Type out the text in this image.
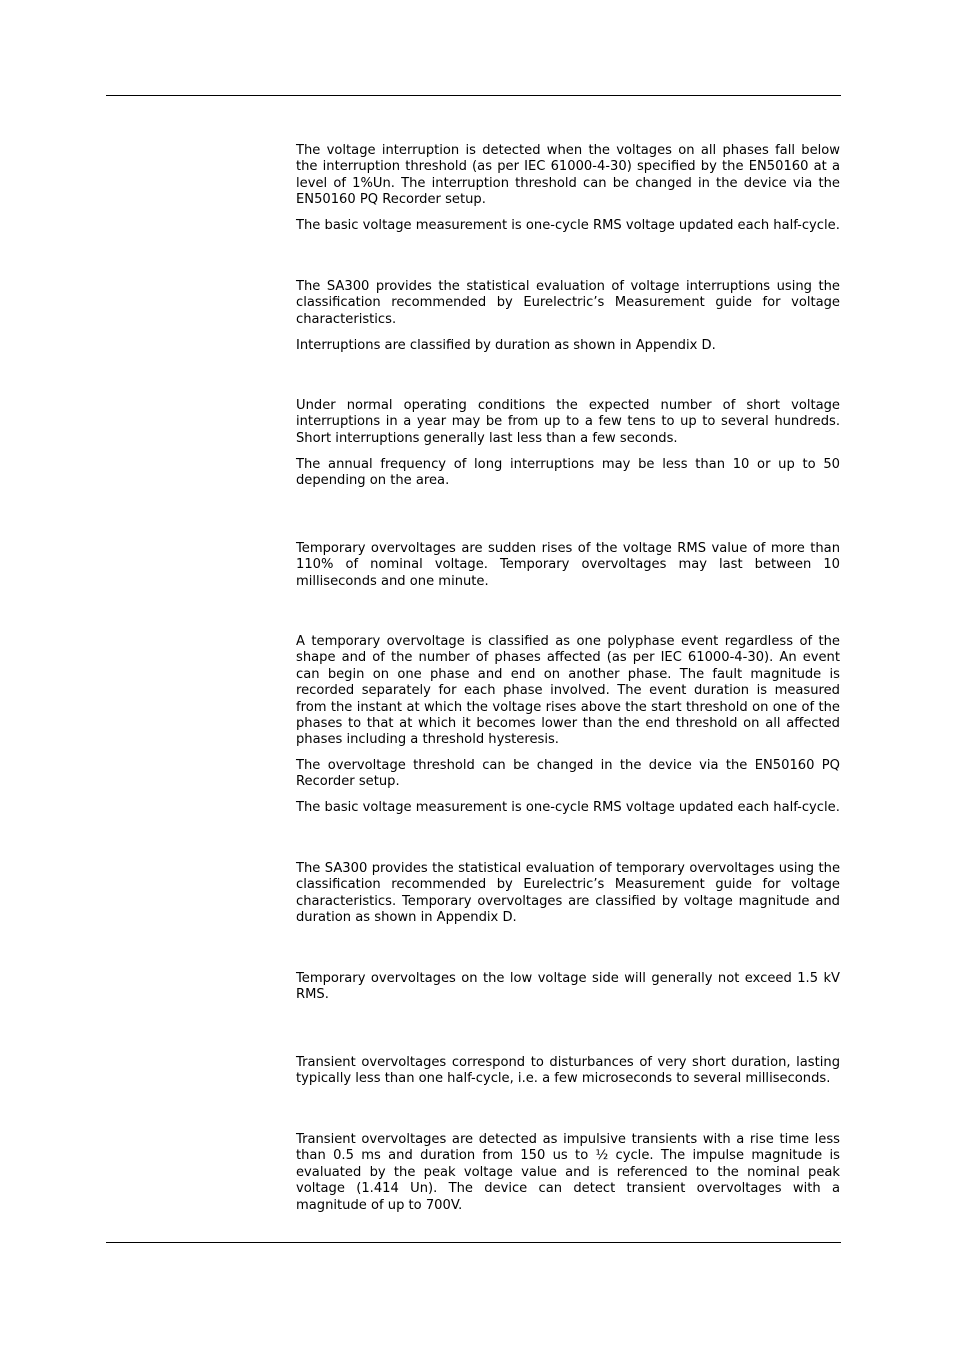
The voltage interruption is detected when the voltages on all phases fall below the interruption threshold (as per IEC 61000-4-30) specified by the EN50160 at a level of 1%Un. The interruption threshold can be changed in the device via the EN50160 PQ Recorder setup.

The basic voltage measurement is one-cycle RMS voltage updated each half-cycle.

The SA300 provides the statistical evaluation of voltage interruptions using the classification recommended by Eurelectric’s Measurement guide for voltage characteristics.

Interruptions are classified by duration as shown in Appendix D.

Under normal operating conditions the expected number of short voltage interruptions in a year may be from up to a few tens to up to several hundreds. Short interruptions generally last less than a few seconds.

The annual frequency of long interruptions may be less than 10 or up to 50 depending on the area.

Temporary overvoltages are sudden rises of the voltage RMS value of more than 110% of nominal voltage. Temporary overvoltages may last between 10 milliseconds and one minute.

A temporary overvoltage is classified as one polyphase event regardless of the shape and of the number of phases affected (as per IEC 61000-4-30). An event can begin on one phase and end on another phase. The fault magnitude is recorded separately for each phase involved. The event duration is measured from the instant at which the voltage rises above the start threshold on one of the phases to that at which it becomes lower than the end threshold on all affected phases including a threshold hysteresis.

The overvoltage threshold can be changed in the device via the EN50160 PQ Recorder setup.

The basic voltage measurement is one-cycle RMS voltage updated each half-cycle.

The SA300 provides the statistical evaluation of temporary overvoltages using the classification recommended by Eurelectric’s Measurement guide for voltage characteristics. Temporary overvoltages are classified by voltage magnitude and duration as shown in Appendix D.

Temporary overvoltages on the low voltage side will generally not exceed 1.5 kV RMS.

Transient overvoltages correspond to disturbances of very short duration, lasting typically less than one half-cycle, i.e. a few microseconds to several milliseconds.

Transient overvoltages are detected as impulsive transients with a rise time less than 0.5 ms and duration from 150 us to ½ cycle. The impulse magnitude is evaluated by the peak voltage value and is referenced to the nominal peak voltage (1.414 Un). The device can detect transient overvoltages with a magnitude of up to 700V.
